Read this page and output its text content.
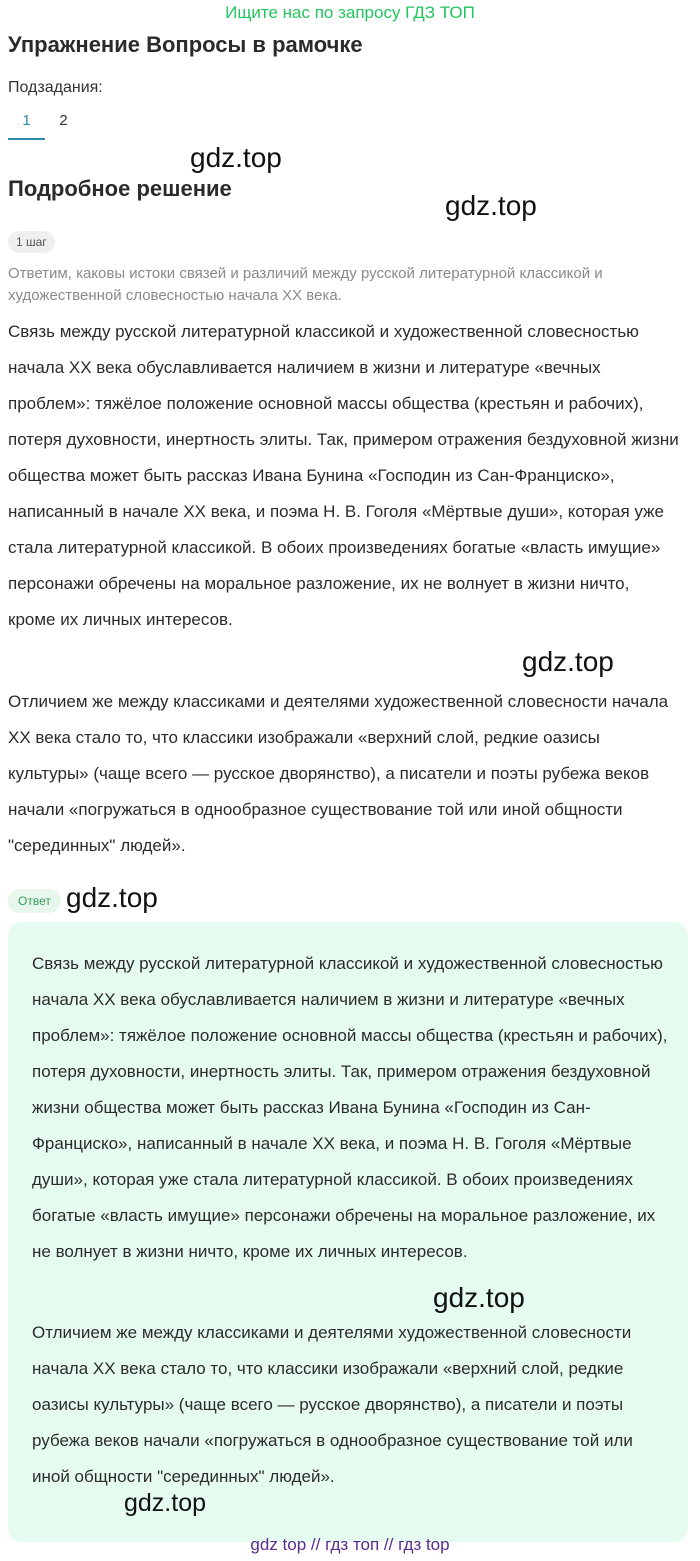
Ищите нас по запросу ГДЗ ТОП
Упражнение Вопросы в рамочке
Подзадания:
1	2
gdz.top
Подробное решение
gdz.top
1 шаг

Ответим, каковы истоки связей и различий между русской литературной классикой и художественной словесностью начала XX века.

Связь между русской литературной классикой и художественной словесностью начала XX века обуславливается наличием в жизни и литературе «вечных проблем»: тяжёлое положение основной массы общества (крестьян и рабочих), потеря духовности, инертность элиты. Так, примером отражения бездуховной жизни общества может быть рассказ Ивана Бунина «Господин из Сан-Франциско», написанный в начале XX века, и поэма Н. В. Гоголя «Мёртвые души», которая уже стала литературной классикой. В обоих произведениях богатые «власть имущие» персонажи обречены на моральное разложение, их не волнует в жизни ничто, кроме их личных интересов.

gdz.top

Отличием же между классиками и деятелями художественной словесности начала XX века стало то, что классики изображали «верхний слой, редкие оазисы культуры» (чаще всего — русское дворянство), а писатели и поэты рубежа веков начали «погружаться в однообразное существование той или иной общности "серединных" людей».

Ответ gdz.top

Связь между русской литературной классикой и художественной словесностью начала XX века обуславливается наличием в жизни и литературе «вечных проблем»: тяжёлое положение основной массы общества (крестьян и рабочих), потеря духовности, инертность элиты. Так, примером отражения бездуховной жизни общества может быть рассказ Ивана Бунина «Господин из Сан-Франциско», написанный в начале XX века, и поэма Н. В. Гоголя «Мёртвые души», которая уже стала литературной классикой. В обоих произведениях богатые «власть имущие» персонажи обречены на моральное разложение, их не волнует в жизни ничто, кроме их личных интересов.

gdz.top

Отличием же между классиками и деятелями художественной словесности начала XX века стало то, что классики изображали «верхний слой, редкие оазисы культуры» (чаще всего — русское дворянство), а писатели и поэты рубежа веков начали «погружаться в однообразное существование той или иной общности "серединных" людей».

gdz.top
gdz top // гдз топ // гдз top
